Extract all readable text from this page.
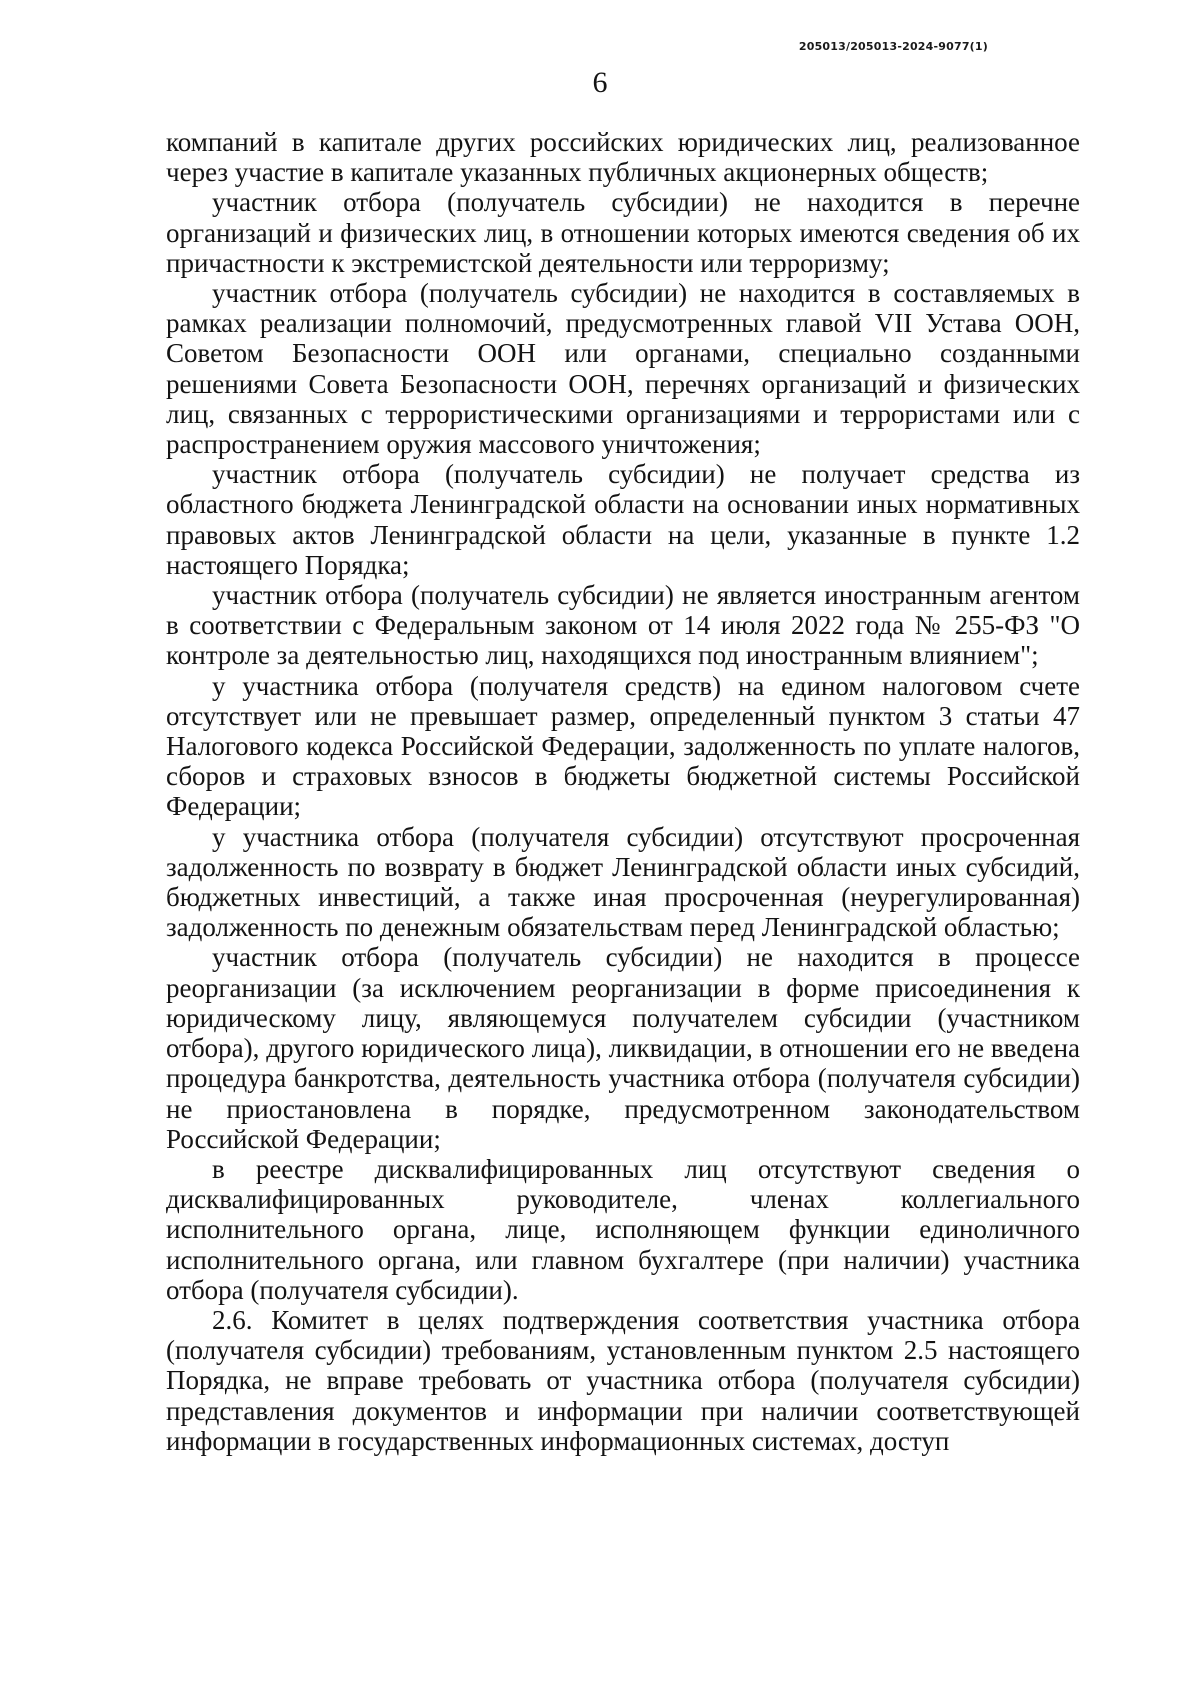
205013/205013-2024-9077(1)
6

компаний в капитале других российских юридических лиц, реализованное через участие в капитале указанных публичных акционерных обществ;

участник отбора (получатель субсидии) не находится в перечне организаций и физических лиц, в отношении которых имеются сведения об их причастности к экстремистской деятельности или терроризму;

участник отбора (получатель субсидии) не находится в составляемых в рамках реализации полномочий, предусмотренных главой VII Устава ООН, Советом Безопасности ООН или органами, специально созданными решениями Совета Безопасности ООН, перечнях организаций и физических лиц, связанных с террористическими организациями и террористами или с распространением оружия массового уничтожения;

участник отбора (получатель субсидии) не получает средства из областного бюджета Ленинградской области на основании иных нормативных правовых актов Ленинградской области на цели, указанные в пункте 1.2 настоящего Порядка;

участник отбора (получатель субсидии) не является иностранным агентом в соответствии с Федеральным законом от 14 июля 2022 года № 255-ФЗ "О контроле за деятельностью лиц, находящихся под иностранным влиянием";

у участника отбора (получателя средств) на едином налоговом счете отсутствует или не превышает размер, определенный пунктом 3 статьи 47 Налогового кодекса Российской Федерации, задолженность по уплате налогов, сборов и страховых взносов в бюджеты бюджетной системы Российской Федерации;

у участника отбора (получателя субсидии) отсутствуют просроченная задолженность по возврату в бюджет Ленинградской области иных субсидий, бюджетных инвестиций, а также иная просроченная (неурегулированная) задолженность по денежным обязательствам перед Ленинградской областью;

участник отбора (получатель субсидии) не находится в процессе реорганизации (за исключением реорганизации в форме присоединения к юридическому лицу, являющемуся получателем субсидии (участником отбора), другого юридического лица), ликвидации, в отношении его не введена процедура банкротства, деятельность участника отбора (получателя субсидии) не приостановлена в порядке, предусмотренном законодательством Российской Федерации;

в реестре дисквалифицированных лиц отсутствуют сведения о дисквалифицированных руководителе, членах коллегиального исполнительного органа, лице, исполняющем функции единоличного исполнительного органа, или главном бухгалтере (при наличии) участника отбора (получателя субсидии).

2.6. Комитет в целях подтверждения соответствия участника отбора (получателя субсидии) требованиям, установленным пунктом 2.5 настоящего Порядка, не вправе требовать от участника отбора (получателя субсидии) представления документов и информации при наличии соответствующей информации в государственных информационных системах, доступ
